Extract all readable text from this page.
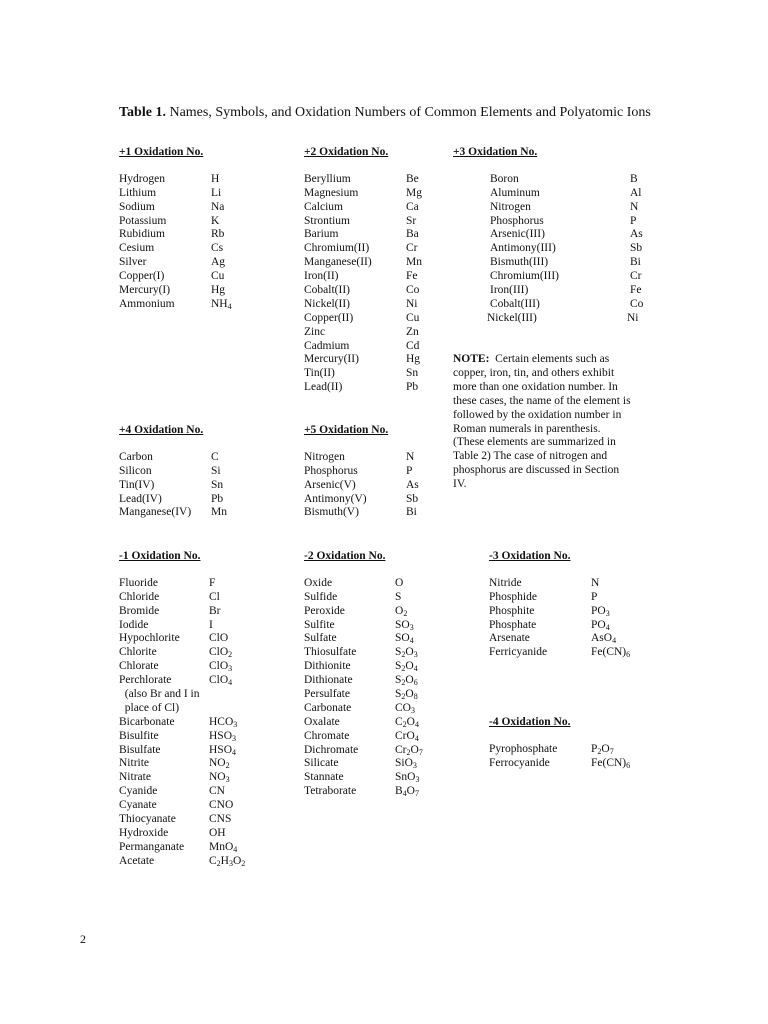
Table 1. Names, Symbols, and Oxidation Numbers of Common Elements and Polyatomic Ions
+1 Oxidation No.
Hydrogen	H
Lithium	Li
Sodium	Na
Potassium	K
Rubidium	Rb
Cesium	Cs
Silver	Ag
Copper(I)	Cu
Mercury(I)	Hg
Ammonium	$NH_4$
+2 Oxidation No.
Beryllium	Be
Magnesium	Mg
Calcium	Ca
Strontium	Sr
Barium	Ba
Chromium(II)	Cr
Manganese(II)	Mn
Iron(II)	Fe
Cobalt(II)	Co
Nickel(II)	Ni
Copper(II)	Cu
Zinc	Zn
Cadmium	Cd
Mercury(II)	Hg
Tin(II)	Sn
Lead(II)	Pb
+3 Oxidation No.
Boron	B
Aluminum	Al
Nitrogen	N
Phosphorus	P
Arsenic(III)	As
Antimony(III)	Sb
Bismuth(III)	Bi
Chromium(III)	Cr
Iron(III)	Fe
Cobalt(III)	Co
Nickel(III)	Ni
+4 Oxidation No.
Carbon	C
Silicon	Si
Tin(IV)	Sn
Lead(IV)	Pb
Manganese(IV)	Mn
+5 Oxidation No.
Nitrogen	N
Phosphorus	P
Arsenic(V)	As
Antimony(V)	Sb
Bismuth(V)	Bi
-1 Oxidation No.
Fluoride	F
Chloride	Cl
Bromide	Br
Iodide	I
Hypochlorite	ClO
Chlorite	ClO$_2$
Chlorate	ClO$_3$
Perchlorate	ClO$_4$
(also Br and I in
place of Cl)
Bicarbonate	$HCO_3$
Bisulfite	$HSO_3$
Bisulfate	$HSO_4$
Nitrite	$NO_2$
Nitrate	$NO_3$
Cyanide	CN
Cyanate	CNO
Thiocyanate	CNS
Hydroxide	OH
Permanganate	MnO$_4$
Acetate	$C_2H_3O_2$
-2 Oxidation No.
Oxide	O
Sulfide	S
Peroxide	$O_2$
Sulfite	$SO_3$
Sulfate	$SO_4$
Thiosulfate	$S_2O_3$
Dithionite	$S_2O_4$
Dithionate	$S_2O_6$
Persulfate	$S_2O_8$
Carbonate	$CO_3$
Oxalate	$C_2O_4$
Chromate	CrO$_4$
Dichromate	$Cr_2O_7$
Silicate	SiO$_3$
Stannate	SnO$_3$
Tetraborate	$B_4O_7$
-3 Oxidation No.
Nitride	N
Phosphide	P
Phosphite	$PO_3$
Phosphate	$PO_4$
Arsenate	AsO$_4$
Ferricyanide	$Fe(CN)_6$
-4 Oxidation No.
Pyrophosphate	$P_2O_7$
Ferrocyanide	$Fe(CN)_6$
NOTE: Certain elements such as copper, iron, tin, and others exhibit more than one oxidation number. In these cases, the name of the element is followed by the oxidation number in Roman numerals in parenthesis. (These elements are summarized in Table 2) The case of nitrogen and phosphorus are discussed in Section IV.
2
